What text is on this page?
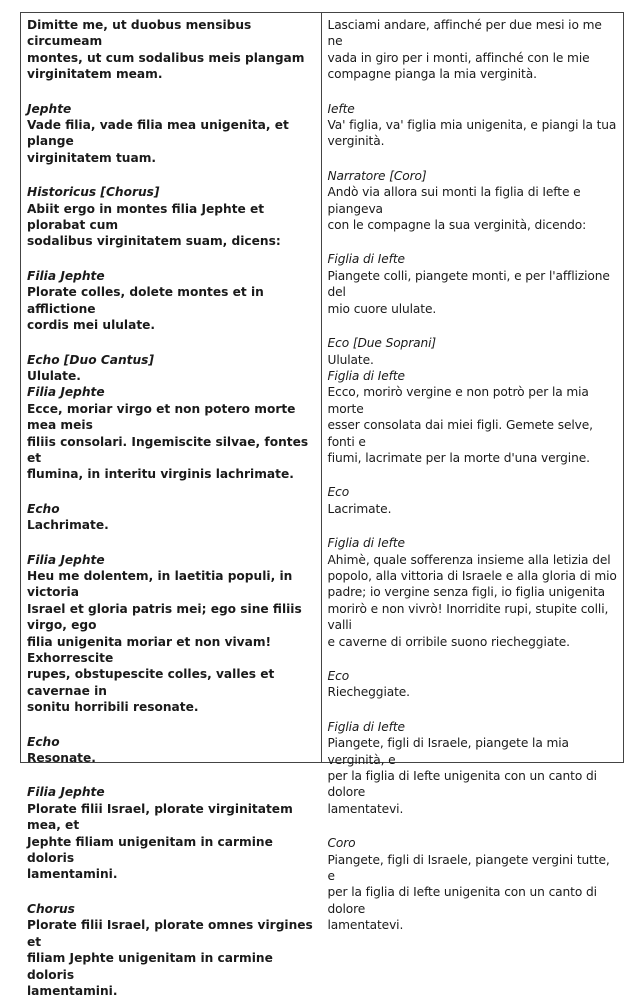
Dimitte me, ut duobus mensibus circumeam
montes, ut cum sodalibus meis plangam
virginitatem meam.
Jephte
Vade filia, vade filia mea unigenita, et plange
virginitatem tuam.
Historicus [Chorus]
Abiit ergo in montes filia Jephte et plorabat cum
sodalibus virginitatem suam, dicens:
Filia Jephte
Plorate colles, dolete montes et in afflictione
cordis mei ululate.
Echo [Duo Cantus]
Ululate.
Filia Jephte
Ecce, moriar virgo et non potero morte mea meis
filiis consolari. Ingemiscite silvae, fontes et
flumina, in interitu virginis lachrimate.
Echo
Lachrimate.
Filia Jephte
Heu me dolentem, in laetitia populi, in victoria
Israel et gloria patris mei; ego sine filiis virgo, ego
filia unigenita moriar et non vivam! Exhorrescite
rupes, obstupescite colles, valles et cavernae in
sonitu horribili resonate.
Echo
Resonate.
Filia Jephte
Plorate filii Israel, plorate virginitatem mea, et
Jephte filiam unigenitam in carmine doloris
lamentamini.
Chorus
Plorate filii Israel, plorate omnes virgines et
filiam Jephte unigenitam in carmine doloris
lamentamini.
Lasciami andare, affinché per due mesi io me ne
vada in giro per i monti, affinché con le mie
compagne pianga la mia verginità.
Iefte
Va' figlia, va' figlia mia unigenita, e piangi la tua
verginità.
Narratore [Coro]
Andò via allora sui monti la figlia di Iefte e piangeva
con le compagne la sua verginità, dicendo:
Figlia di Iefte
Piangete colli, piangete monti, e per l'afflizione del
mio cuore ululate.
Eco [Due Soprani]
Ululate.
Figlia di Iefte
Ecco, morirò vergine e non potrò per la mia morte
esser consolata dai miei figli. Gemete selve, fonti e
fiumi, lacrimate per la morte d'una vergine.
Eco
Lacrimate.
Figlia di Iefte
Ahimè, quale sofferenza insieme alla letizia del
popolo, alla vittoria di Israele e alla gloria di mio
padre; io vergine senza figli, io figlia unigenita
morirò e non vivrò! Inorridite rupi, stupite colli, valli
e caverne di orribile suono riecheggiate.
Eco
Riecheggiate.
Figlia di Iefte
Piangete, figli di Israele, piangete la mia verginità, e
per la figlia di Iefte unigenita con un canto di dolore
lamentatevi.
Coro
Piangete, figli di Israele, piangete vergini tutte, e
per la figlia di Iefte unigenita con un canto di dolore
lamentatevi.
